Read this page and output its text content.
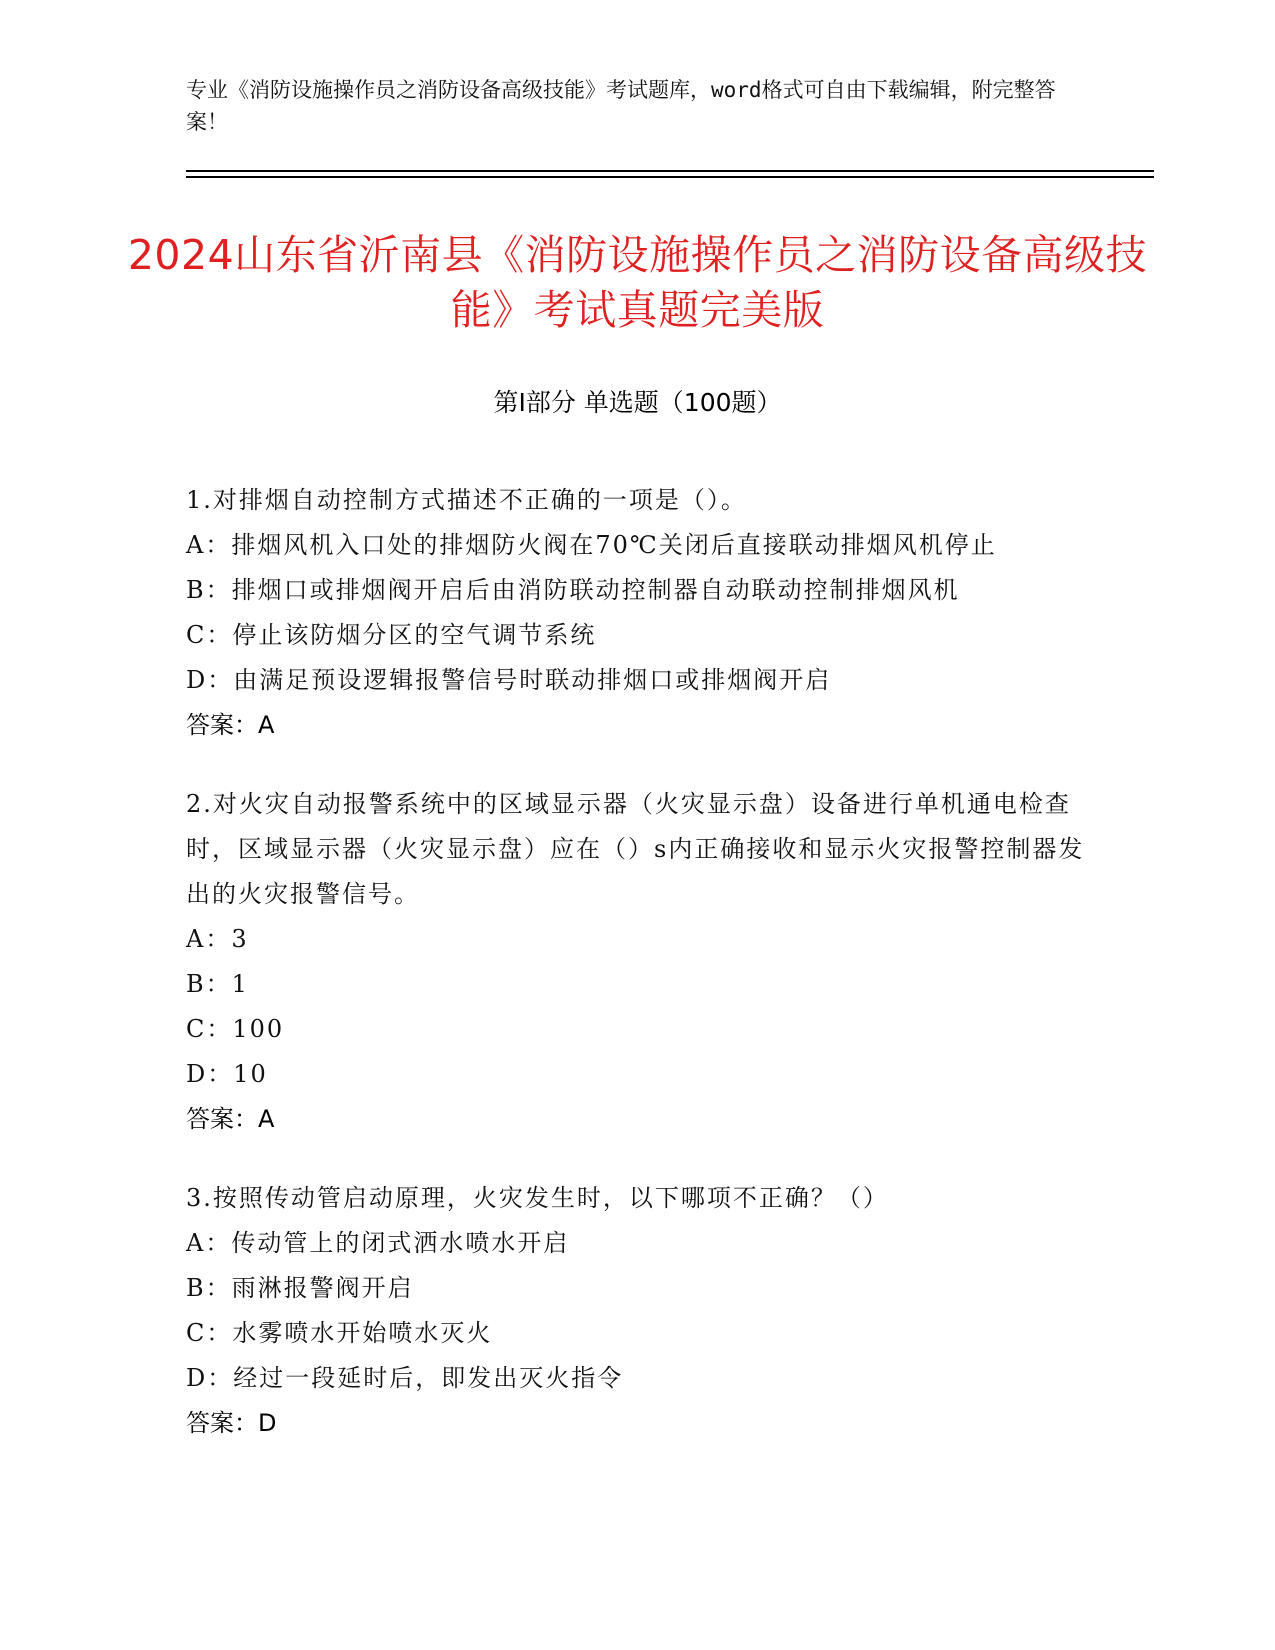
专业《消防设施操作员之消防设备高级技能》考试题库，word格式可自由下载编辑，附完整答案！
2024山东省沂南县《消防设施操作员之消防设备高级技能》考试真题完美版
第Ⅰ部分 单选题（100题）
1.对排烟自动控制方式描述不正确的一项是（）。
A：排烟风机入口处的排烟防火阀在70℃关闭后直接联动排烟风机停止
B：排烟口或排烟阀开启后由消防联动控制器自动联动控制排烟风机
C：停止该防烟分区的空气调节系统
D：由满足预设逻辑报警信号时联动排烟口或排烟阀开启
答案：A
2.对火灾自动报警系统中的区域显示器（火灾显示盘）设备进行单机通电检查时，区域显示器（火灾显示盘）应在（）s内正确接收和显示火灾报警控制器发出的火灾报警信号。
A：3
B：1
C：100
D：10
答案：A
3.按照传动管启动原理，火灾发生时，以下哪项不正确？（）
A：传动管上的闭式洒水喷水开启
B：雨淋报警阀开启
C：水雾喷水开始喷水灭火
D：经过一段延时后，即发出灭火指令
答案：D
